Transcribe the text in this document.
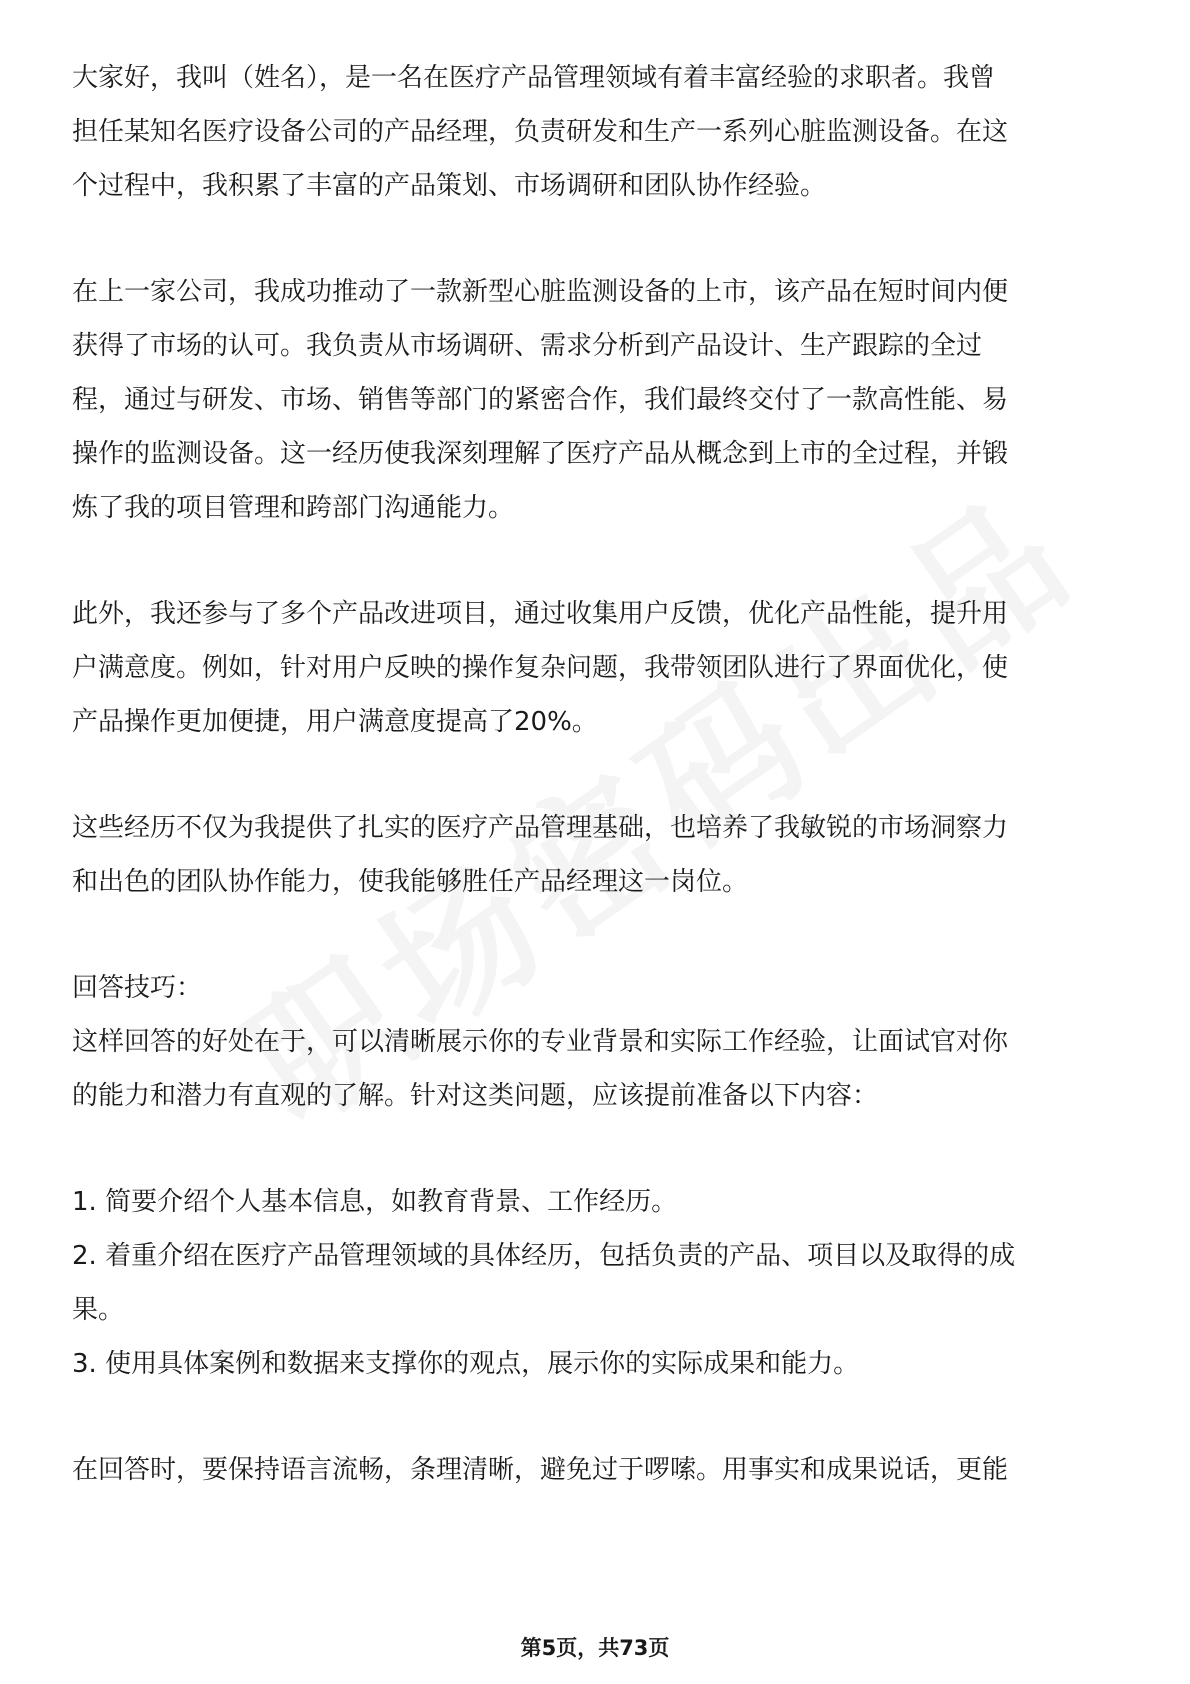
大家好，我叫（姓名），是一名在医疗产品管理领域有着丰富经验的求职者。我曾
担任某知名医疗设备公司的产品经理，负责研发和生产一系列心脏监测设备。在这
个过程中，我积累了丰富的产品策划、市场调研和团队协作经验。
在上一家公司，我成功推动了一款新型心脏监测设备的上市，该产品在短时间内便
获得了市场的认可。我负责从市场调研、需求分析到产品设计、生产跟踪的全过
程，通过与研发、市场、销售等部门的紧密合作，我们最终交付了一款高性能、易
操作的监测设备。这一经历使我深刻理解了医疗产品从概念到上市的全过程，并锻
炼了我的项目管理和跨部门沟通能力。
此外，我还参与了多个产品改进项目，通过收集用户反馈，优化产品性能，提升用
户满意度。例如，针对用户反映的操作复杂问题，我带领团队进行了界面优化，使
产品操作更加便捷，用户满意度提高了20%。
这些经历不仅为我提供了扎实的医疗产品管理基础，也培养了我敏锐的市场洞察力
和出色的团队协作能力，使我能够胜任产品经理这一岗位。
回答技巧：
这样回答的好处在于，可以清晰展示你的专业背景和实际工作经验，让面试官对你
的能力和潜力有直观的了解。针对这类问题，应该提前准备以下内容：
1. 简要介绍个人基本信息，如教育背景、工作经历。
2. 着重介绍在医疗产品管理领域的具体经历，包括负责的产品、项目以及取得的成
果。
3. 使用具体案例和数据来支撑你的观点，展示你的实际成果和能力。
在回答时，要保持语言流畅，条理清晰，避免过于啰嗦。用事实和成果说话，更能
第5页，共73页
